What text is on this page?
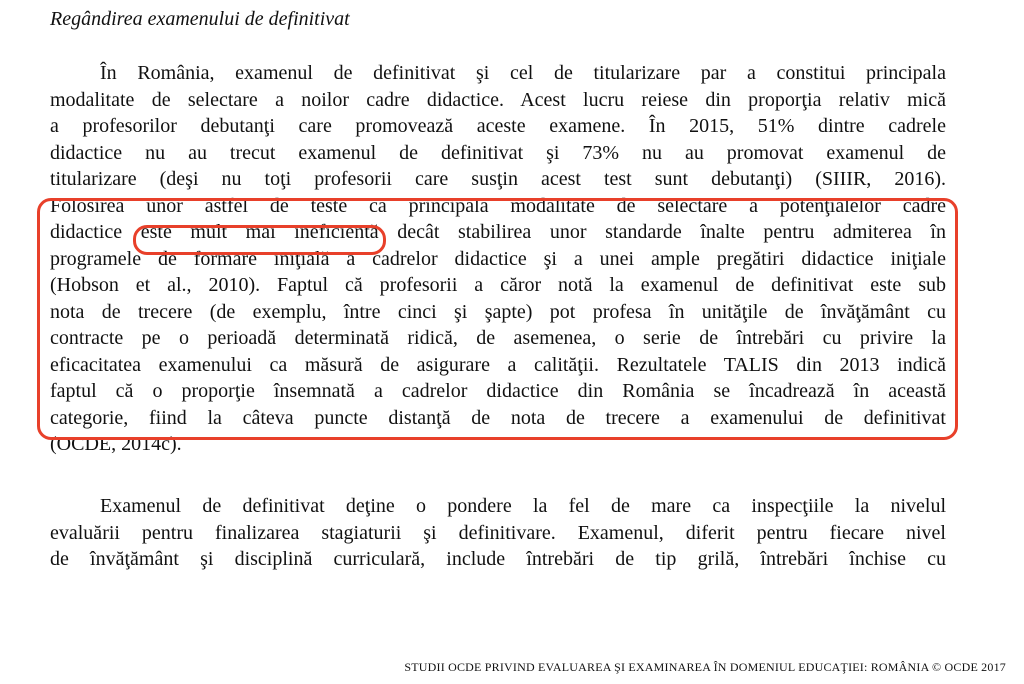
Regândirea examenului de definitivat
În România, examenul de definitivat şi cel de titularizare par a constitui principala
modalitate de selectare a noilor cadre didactice. Acest lucru reiese din proporţia relativ mică
a profesorilor debutanţi care promovează aceste examene. În 2015, 51% dintre cadrele
didactice nu au trecut examenul de definitivat şi 73% nu au promovat examenul de
titularizare (deşi nu toţi profesorii care susţin acest test sunt debutanţi) (SIIIR, 2016).
Folosirea unor astfel de teste ca principala modalitate de selectare a potenţialelor cadre
didactice este mult mai ineficientă decât stabilirea unor standarde înalte pentru admiterea în
programele de formare iniţială a cadrelor didactice şi a unei ample pregătiri didactice iniţiale
(Hobson et al., 2010). Faptul că profesorii a căror notă la examenul de definitivat este sub
nota de trecere (de exemplu, între cinci şi şapte) pot profesa în unităţile de învăţământ cu
contracte pe o perioadă determinată ridică, de asemenea, o serie de întrebări cu privire la
eficacitatea examenului ca măsură de asigurare a calităţii. Rezultatele TALIS din 2013 indică
faptul că o proporţie însemnată a cadrelor didactice din România se încadrează în această
categorie, fiind la câteva puncte distanţă de nota de trecere a examenului de definitivat
(OCDE, 2014c).
Examenul de definitivat deţine o pondere la fel de mare ca inspecţiile la nivelul
evaluării pentru finalizarea stagiaturii şi definitivare. Examenul, diferit pentru fiecare nivel
de învăţământ şi disciplină curriculară, include întrebări de tip grilă, întrebări închise cu
STUDII OCDE PRIVIND EVALUAREA ŞI EXAMINAREA ÎN DOMENIUL EDUCAŢIEI: ROMÂNIA © OCDE 2017
